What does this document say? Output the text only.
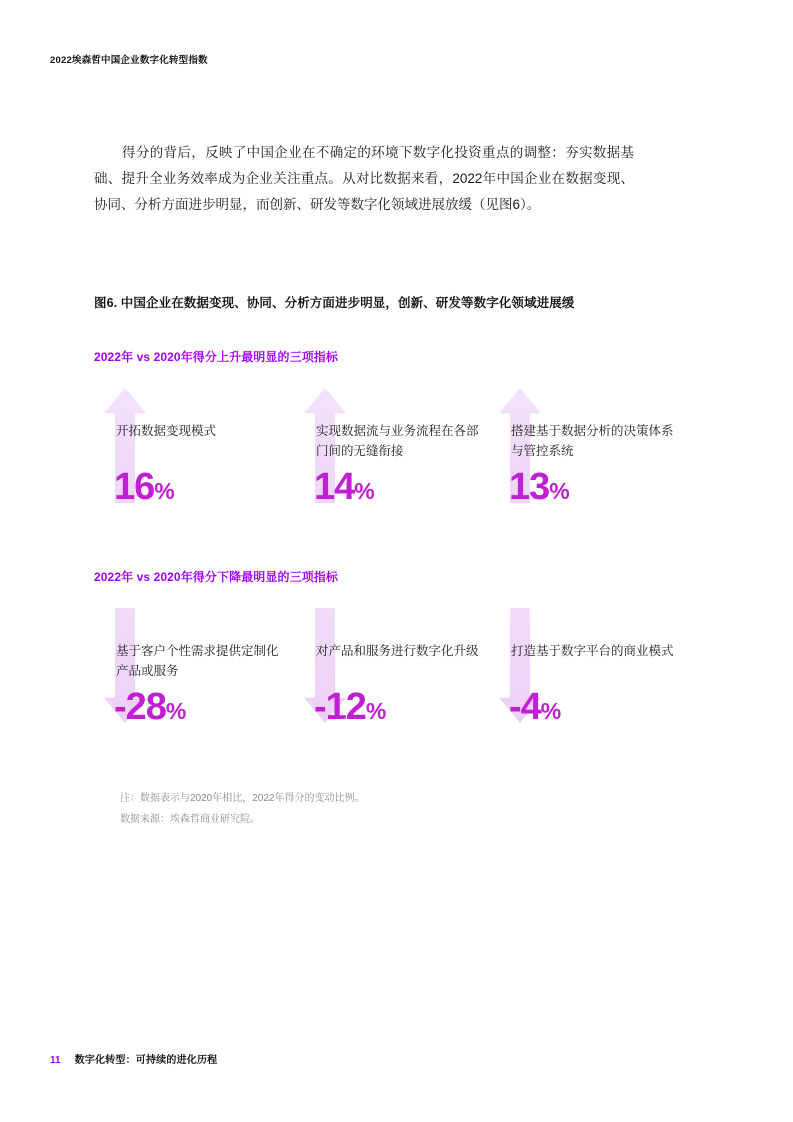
2022埃森哲中国企业数字化转型指数
得分的背后，反映了中国企业在不确定的环境下数字化投资重点的调整：夯实数据基础、提升全业务效率成为企业关注重点。从对比数据来看，2022年中国企业在数据变现、协同、分析方面进步明显，而创新、研发等数字化领域进展放缓（见图6）。
图6. 中国企业在数据变现、协同、分析方面进步明显，创新、研发等数字化领域进展缓
2022年 vs 2020年得分上升最明显的三项指标
开拓数据变现模式
16%
实现数据流与业务流程在各部门间的无缝衔接
14%
搭建基于数据分析的决策体系与管控系统
13%
2022年 vs 2020年得分下降最明显的三项指标
基于客户个性需求提供定制化产品或服务
-28%
对产品和服务进行数字化升级
-12%
打造基于数字平台的商业模式
-4%
注：数据表示与2020年相比，2022年得分的变动比例。
数据来源：埃森哲商业研究院。
11 数字化转型：可持续的进化历程
